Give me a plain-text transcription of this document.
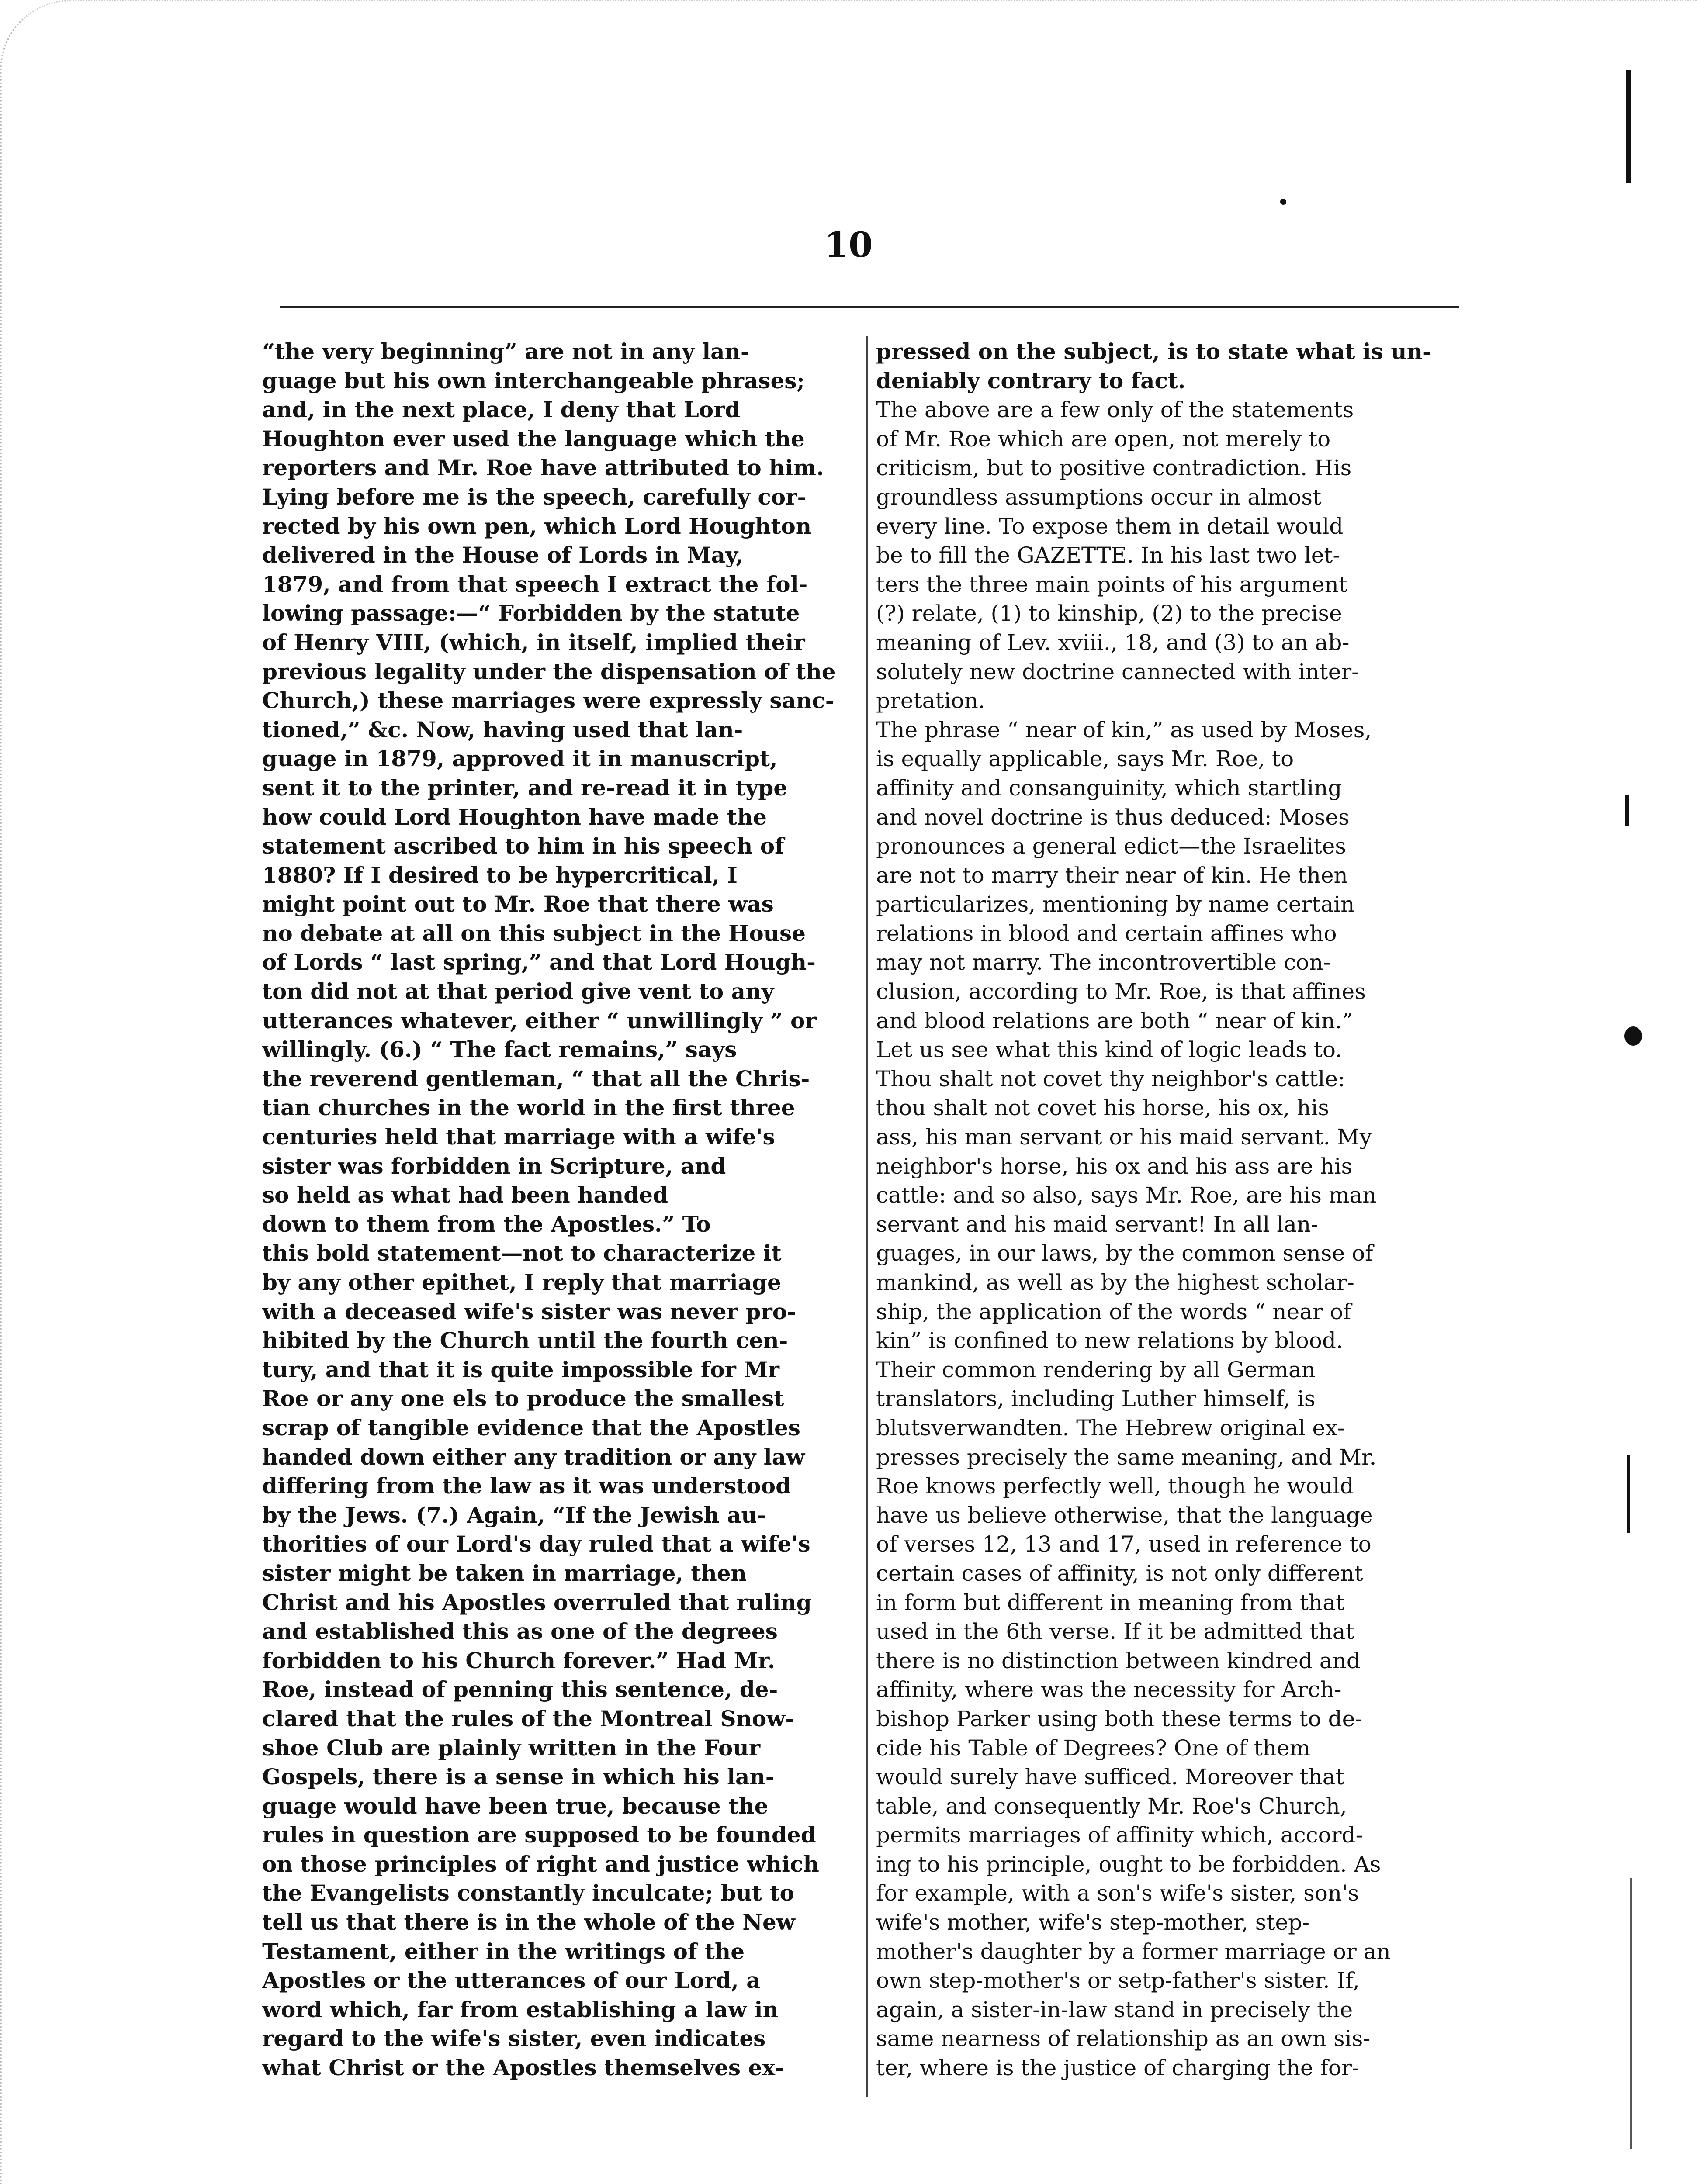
10
“the very beginning” are not in any lan-
guage but his own interchangeable phrases;
and, in the next place, I deny that Lord
Houghton ever used the language which the
reporters and Mr. Roe have attributed to him.
Lying before me is the speech, carefully cor-
rected by his own pen, which Lord Houghton
delivered in the House of Lords in May,
1879, and from that speech I extract the fol-
lowing passage:—“ Forbidden by the statute
of Henry VIII, (which, in itself, implied their
previous legality under the dispensation of the
Church,) these marriages were expressly sanc-
tioned,” &c. Now, having used that lan-
guage in 1879, approved it in manuscript,
sent it to the printer, and re-read it in type
how could Lord Houghton have made the
statement ascribed to him in his speech of
1880? If I desired to be hypercritical, I
might point out to Mr. Roe that there was
no debate at all on this subject in the House
of Lords “ last spring,” and that Lord Hough-
ton did not at that period give vent to any
utterances whatever, either “ unwillingly ” or
willingly. (6.) “ The fact remains,” says
the reverend gentleman, “ that all the Chris-
tian churches in the world in the first three
centuries held that marriage with a wife's
sister was forbidden in Scripture, and
so held as what had been handed
down to them from the Apostles.” To
this bold statement—not to characterize it
by any other epithet, I reply that marriage
with a deceased wife's sister was never pro-
hibited by the Church until the fourth cen-
tury, and that it is quite impossible for Mr
Roe or any one els to produce the smallest
scrap of tangible evidence that the Apostles
handed down either any tradition or any law
differing from the law as it was understood
by the Jews. (7.) Again, “If the Jewish au-
thorities of our Lord's day ruled that a wife's
sister might be taken in marriage, then
Christ and his Apostles overruled that ruling
and established this as one of the degrees
forbidden to his Church forever.” Had Mr.
Roe, instead of penning this sentence, de-
clared that the rules of the Montreal Snow-
shoe Club are plainly written in the Four
Gospels, there is a sense in which his lan-
guage would have been true, because the
rules in question are supposed to be founded
on those principles of right and justice which
the Evangelists constantly inculcate; but to
tell us that there is in the whole of the New
Testament, either in the writings of the
Apostles or the utterances of our Lord, a
word which, far from establishing a law in
regard to the wife's sister, even indicates
what Christ or the Apostles themselves ex-
pressed on the subject, is to state what is un-
deniably contrary to fact.
The above are a few only of the statements
of Mr. Roe which are open, not merely to
criticism, but to positive contradiction. His
groundless assumptions occur in almost
every line. To expose them in detail would
be to fill the GAZETTE. In his last two let-
ters the three main points of his argument
(?) relate, (1) to kinship, (2) to the precise
meaning of Lev. xviii., 18, and (3) to an ab-
solutely new doctrine cannected with inter-
pretation.
The phrase “ near of kin,” as used by Moses,
is equally applicable, says Mr. Roe, to
affinity and consanguinity, which startling
and novel doctrine is thus deduced: Moses
pronounces a general edict—the Israelites
are not to marry their near of kin. He then
particularizes, mentioning by name certain
relations in blood and certain affines who
may not marry. The incontrovertible con-
clusion, according to Mr. Roe, is that affines
and blood relations are both “ near of kin.”
Let us see what this kind of logic leads to.
Thou shalt not covet thy neighbor's cattle:
thou shalt not covet his horse, his ox, his
ass, his man servant or his maid servant. My
neighbor's horse, his ox and his ass are his
cattle: and so also, says Mr. Roe, are his man
servant and his maid servant! In all lan-
guages, in our laws, by the common sense of
mankind, as well as by the highest scholar-
ship, the application of the words “ near of
kin” is confined to new relations by blood.
Their common rendering by all German
translators, including Luther himself, is
blutsverwandten. The Hebrew original ex-
presses precisely the same meaning, and Mr.
Roe knows perfectly well, though he would
have us believe otherwise, that the language
of verses 12, 13 and 17, used in reference to
certain cases of affinity, is not only different
in form but different in meaning from that
used in the 6th verse. If it be admitted that
there is no distinction between kindred and
affinity, where was the necessity for Arch-
bishop Parker using both these terms to de-
cide his Table of Degrees? One of them
would surely have sufficed. Moreover that
table, and consequently Mr. Roe's Church,
permits marriages of affinity which, accord-
ing to his principle, ought to be forbidden. As
for example, with a son's wife's sister, son's
wife's mother, wife's step-mother, step-
mother's daughter by a former marriage or an
own step-mother's or setp-father's sister. If,
again, a sister-in-law stand in precisely the
same nearness of relationship as an own sis-
ter, where is the justice of charging the for-
